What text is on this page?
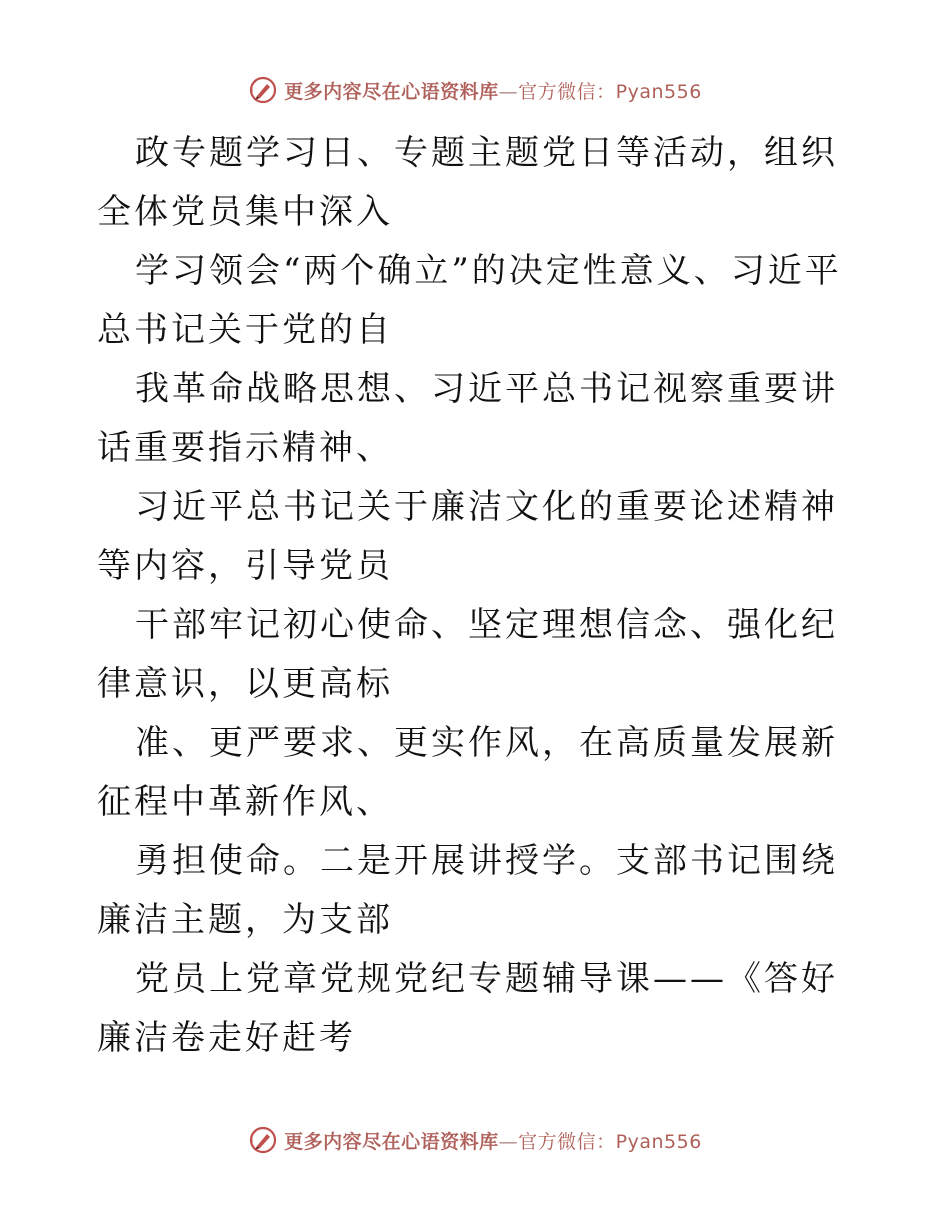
更多内容尽在心语资料库—官方微信：Pyan556

政专题学习日、专题主题党日等活动，组织全体党员集中深入

学习领会“两个确立”的决定性意义、习近平总书记关于党的自

我革命战略思想、习近平总书记视察重要讲话重要指示精神、

习近平总书记关于廉洁文化的重要论述精神等内容，引导党员

干部牢记初心使命、坚定理想信念、强化纪律意识，以更高标

准、更严要求、更实作风，在高质量发展新征程中革新作风、

勇担使命。二是开展讲授学。支部书记围绕廉洁主题，为支部

党员上党章党规党纪专题辅导课——《答好廉洁卷走好赶考

更多内容尽在心语资料库—官方微信：Pyan556
